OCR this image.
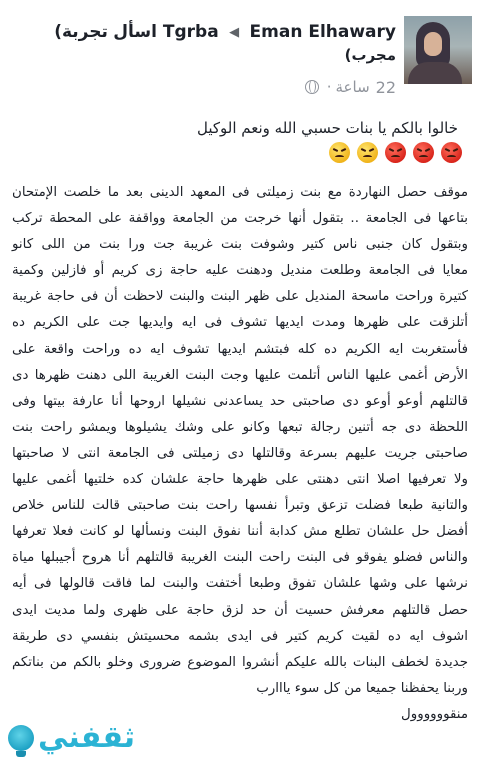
(اسأل تجربة Tgrba ◀ Eman Elhawary
مجرب)
· ساعة 22
خالوا بالكم يا بنات حسبي الله ونعم الوكيل

موقف حصل النهاردة مع بنت زميلتى فى المعهد الدينى بعد ما خلصت الإمتحان
بتاعها فى الجامعة .. بتقول أنها خرجت من الجامعة وواقفة على المحطة تركب
وبتقول كان جنبى ناس كتير وشوفت بنت غريبة جت ورا بنت من اللى كانو
معايا فى الجامعة وطلعت منديل ودهنت عليه حاجة زى كريم أو فازلين وكمية
كتيرة وراحت ماسحة المنديل على ظهر البنت والبنت لاحظت أن فى حاجة غريبة
أتلزقت على ظهرها ومدت ايديها تشوف فى ايه وايديها جت على الكريم ده
فأستغربت ايه الكريم ده كله فبتشم ايديها تشوف ايه ده وراحت واقعة على
الأرض أغمى عليها الناس أتلمت عليها وجت البنت الغريبة اللى دهنت ظهرها دى
قالتلهم أوعو أوعو دى صاحبتى حد يساعدنى نشيلها اروحها أنا عارفة بيتها وفى
اللحظة دى جه أتنين رجالة تبعها وكانو على وشك يشيلوها ويمشو راحت بنت
صاحبتى جريت عليهم بسرعة وقالتلها دى زميلتى فى الجامعة انتى لا صاحبتها
ولا تعرفيها اصلا انتى دهنتى على ظهرها حاجة علشان كده خلتيها أغمى عليها
والتانية طبعا فضلت تزعق وتبرأ نفسها راحت بنت صاحبتى قالت للناس خلاص
أفضل حل علشان تطلع مش كدابة أننا نفوق البنت ونسألها لو كانت فعلا تعرفها
والناس فضلو يفوقو فى البنت راحت البنت الغريبة قالتلهم أنا هروح أجيبلها مياة
نرشها على وشها علشان تفوق وطبعا أختفت والبنت لما فاقت قالولها فى أيه
حصل قالتلهم معرفش حسيت أن حد لزق حاجة على ظهرى ولما مديت ايدى
اشوف ايه ده لقيت كريم كتير فى ايدى بشمه محسيتش بنفسي دى طريقة
جديدة لخطف البنات بالله عليكم أنشروا الموضوع ضرورى وخلو بالكم من بناتكم
وربنا يحفظنا جميعا من كل سوء يااارب
منقوووووول
ثقفني
